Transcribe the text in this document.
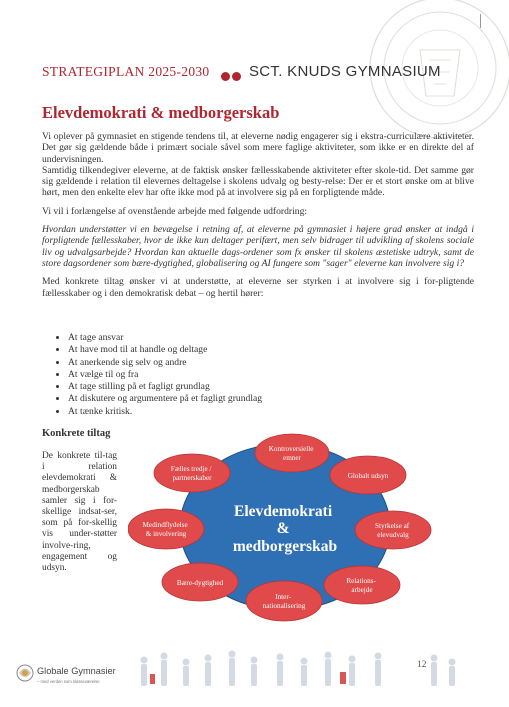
STRATEGIPLAN 2025-2030	SCT. KNUDS GYMNASIUM
Elevdemokrati & medborgerskab

Vi oplever på gymnasiet en stigende tendens til, at eleverne nødig engagerer sig i ekstra-curriculære aktiviteter. Det gør sig gældende både i primært sociale såvel som mere faglige aktiviteter, som ikke er en direkte del af undervisningen.

Samtidig tilkendegiver eleverne, at de faktisk ønsker fællesskabende aktiviteter efter skole-tid. Det samme gør sig gældende i relation til elevernes deltagelse i skolens udvalg og besty-relse: Der er et stort ønske om at blive hørt, men den enkelte elev har ofte ikke mod på at involvere sig på en forpligtende måde.

Vi vil i forlængelse af ovenstående arbejde med følgende udfordring:

Hvordan understøtter vi en bevægelse i retning af, at eleverne på gymnasiet i højere grad ønsker at indgå i forpligtende fællesskaber, hvor de ikke kun deltager perifært, men selv bidrager til udvikling af skolens sociale liv og udvalgsarbejde? Hvordan kan aktuelle dags-ordener som fx ønsker til skolens æstetiske udtryk, samt de store dagsordener som bære-dygtighed, globalisering og AI fungere som "sager" eleverne kan involvere sig i?

Med konkrete tiltag ønsker vi at understøtte, at eleverne ser styrken i at involvere sig i for-pligtende fællesskaber og i den demokratisk debat – og hertil hører:

• At tage ansvar
• At have mod til at handle og deltage
• At anerkende sig selv og andre
• At vælge til og fra
• At tage stilling på et fagligt grundlag
• At diskutere og argumentere på et fagligt grundlag
• At tænke kritisk.
Konkrete tiltag
De konkrete til-tag i relation elevdemokrati & medborgerskab samler sig i for-skellige indsat-ser, som på for-skellig vis under-støtter involve-ring, engagement og udsyn.
Elevdemokrati & medborgerskab
Kontroversielle emner
Globalt udsyn
Styrkelse af elevudvalg
Relations- arbejde
Inter- nationalisering
Bære-dygtighed
Medindflydelse & involvering
Fælles tredje / partnerskaber
Globale Gymnasier
– med verden som klasseværelse
12
